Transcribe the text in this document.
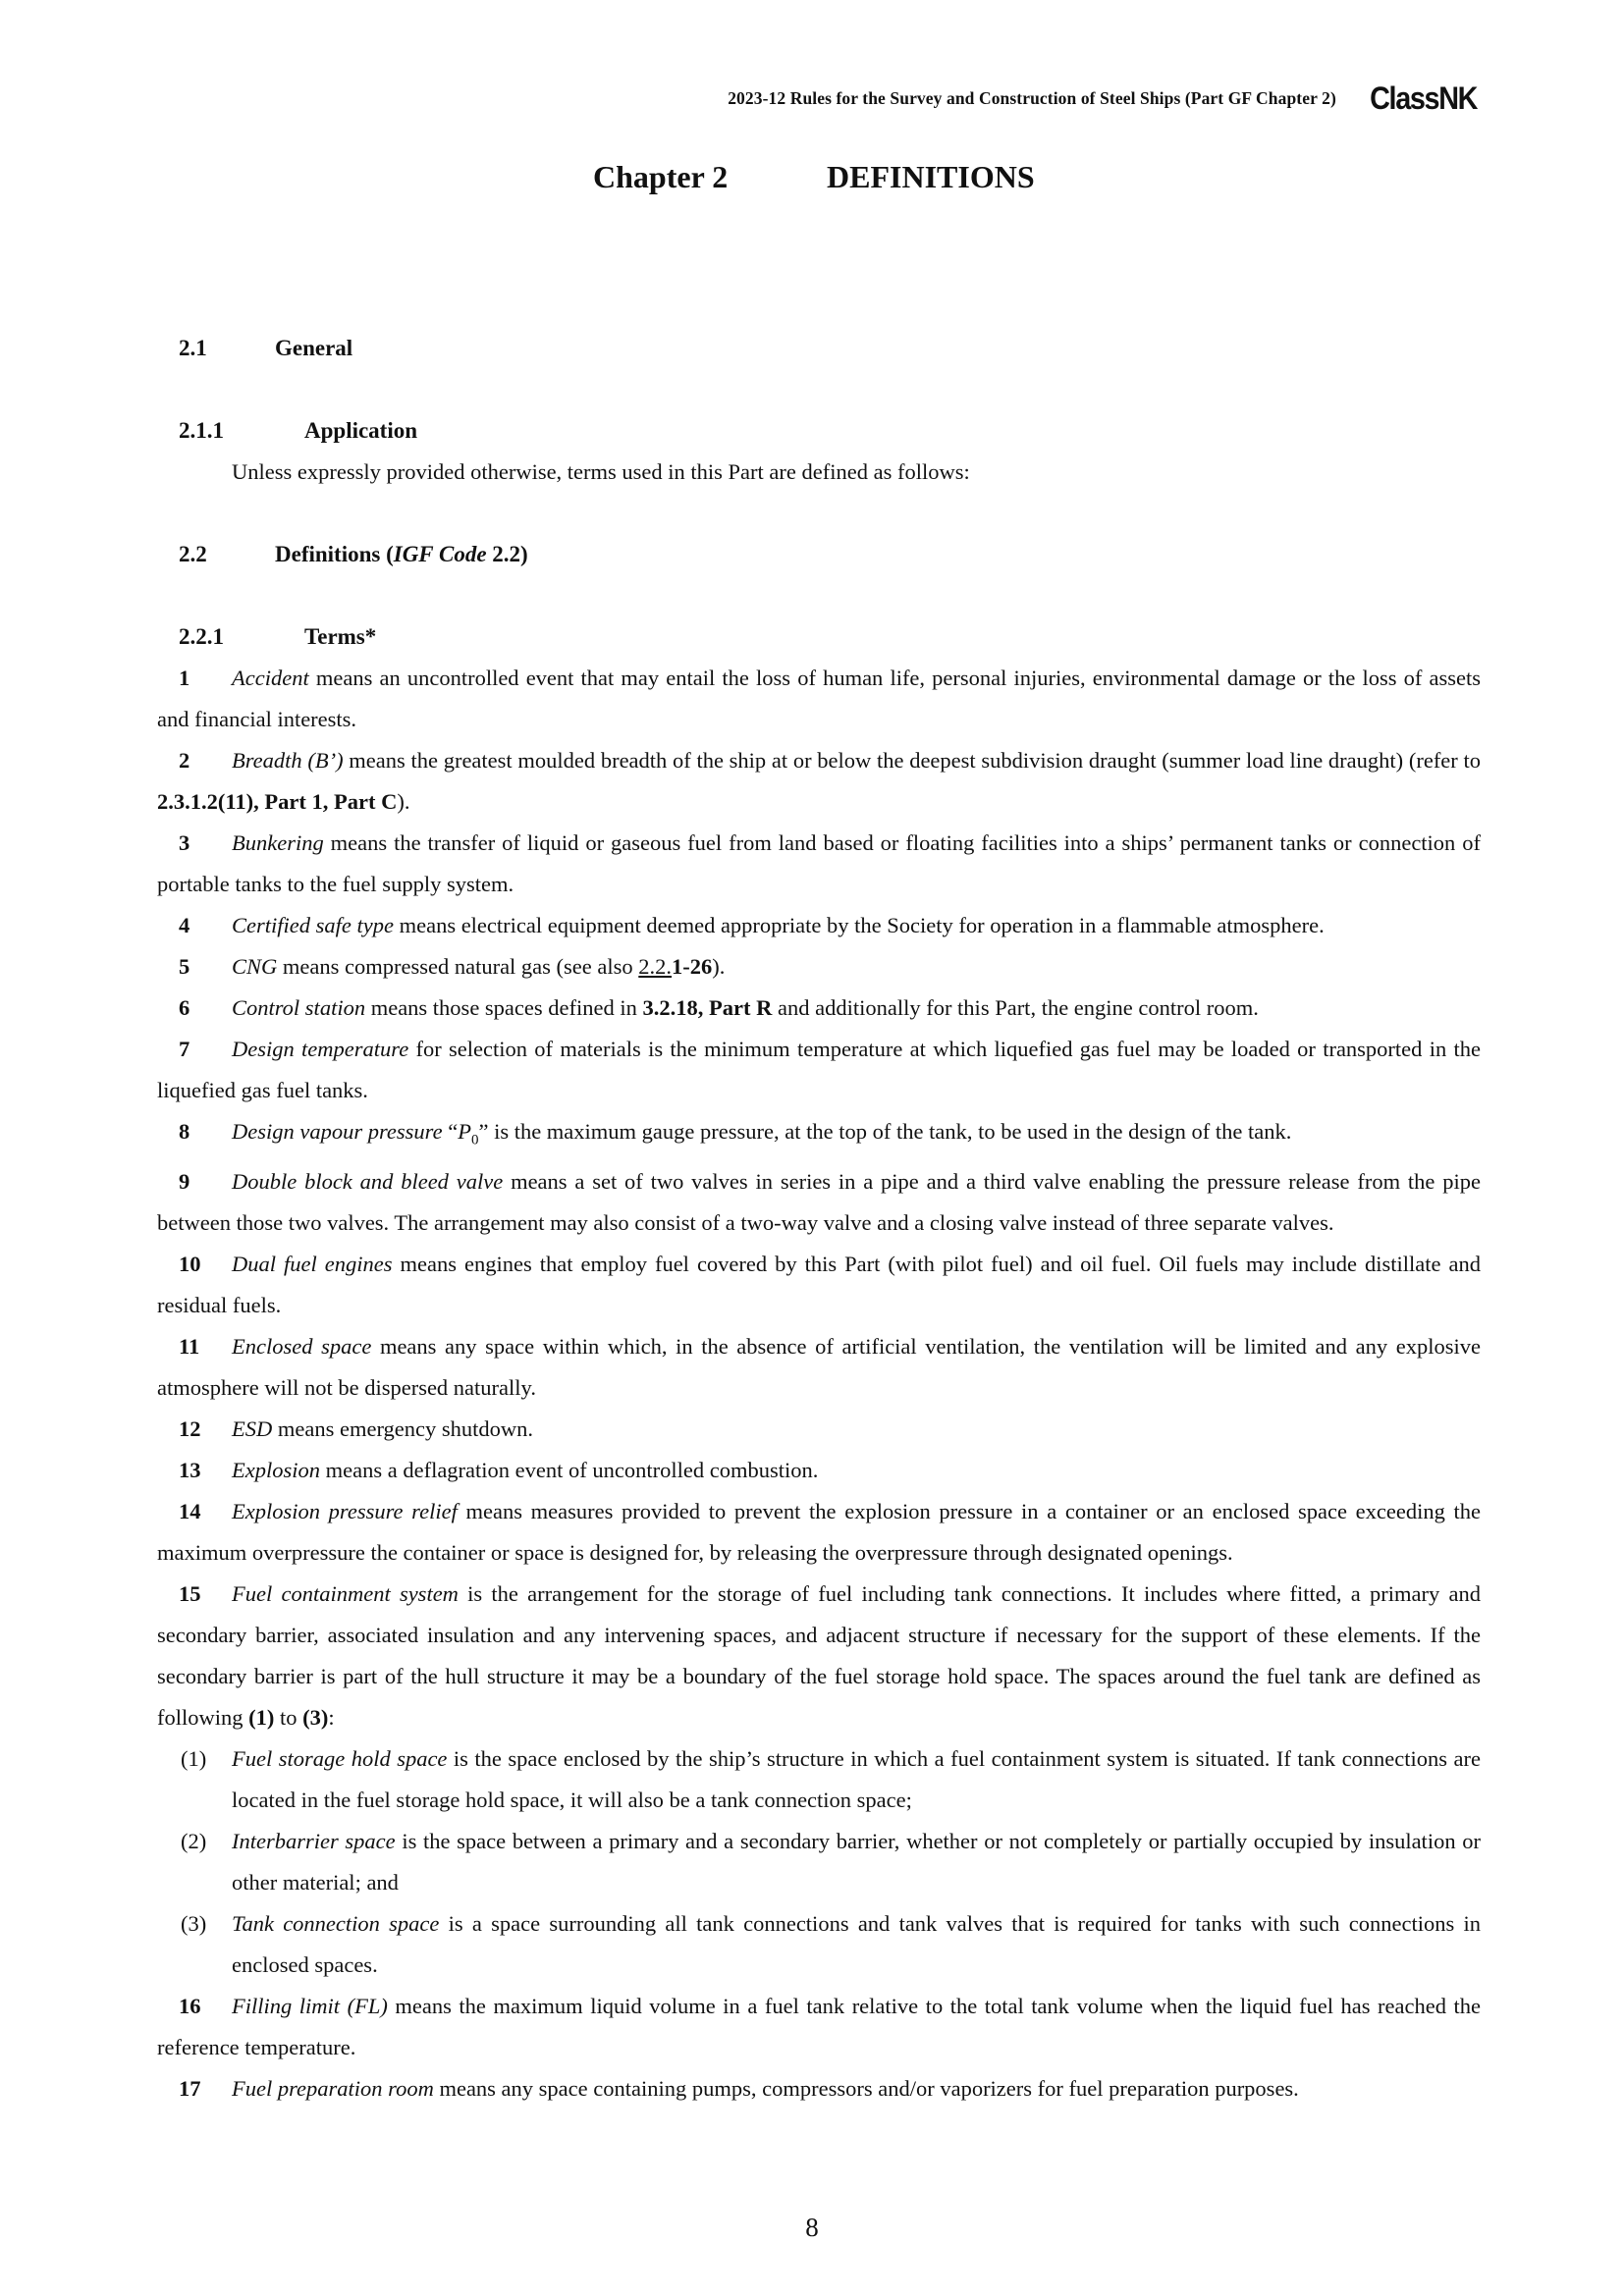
2023-12 Rules for the Survey and Construction of Steel Ships (Part GF Chapter 2) ClassNK
Chapter 2	DEFINITIONS
2.1	General
2.1.1	Application
Unless expressly provided otherwise, terms used in this Part are defined as follows:
2.2	Definitions (IGF Code 2.2)
2.2.1	Terms*
1 Accident means an uncontrolled event that may entail the loss of human life, personal injuries, environmental damage or the loss of assets and financial interests.
2 Breadth (B’) means the greatest moulded breadth of the ship at or below the deepest subdivision draught (summer load line draught) (refer to 2.3.1.2(11), Part 1, Part C).
3 Bunkering means the transfer of liquid or gaseous fuel from land based or floating facilities into a ships’ permanent tanks or connection of portable tanks to the fuel supply system.
4 Certified safe type means electrical equipment deemed appropriate by the Society for operation in a flammable atmosphere.
5 CNG means compressed natural gas (see also 2.2.1-26).
6 Control station means those spaces defined in 3.2.18, Part R and additionally for this Part, the engine control room.
7 Design temperature for selection of materials is the minimum temperature at which liquefied gas fuel may be loaded or transported in the liquefied gas fuel tanks.
8 Design vapour pressure “$P_0$” is the maximum gauge pressure, at the top of the tank, to be used in the design of the tank.
9 Double block and bleed valve means a set of two valves in series in a pipe and a third valve enabling the pressure release from the pipe between those two valves. The arrangement may also consist of a two-way valve and a closing valve instead of three separate valves.
10 Dual fuel engines means engines that employ fuel covered by this Part (with pilot fuel) and oil fuel. Oil fuels may include distillate and residual fuels.
11 Enclosed space means any space within which, in the absence of artificial ventilation, the ventilation will be limited and any explosive atmosphere will not be dispersed naturally.
12 ESD means emergency shutdown.
13 Explosion means a deflagration event of uncontrolled combustion.
14 Explosion pressure relief means measures provided to prevent the explosion pressure in a container or an enclosed space exceeding the maximum overpressure the container or space is designed for, by releasing the overpressure through designated openings.
15 Fuel containment system is the arrangement for the storage of fuel including tank connections. It includes where fitted, a primary and secondary barrier, associated insulation and any intervening spaces, and adjacent structure if necessary for the support of these elements. If the secondary barrier is part of the hull structure it may be a boundary of the fuel storage hold space. The spaces around the fuel tank are defined as following (1) to (3):
(1) Fuel storage hold space is the space enclosed by the ship’s structure in which a fuel containment system is situated. If tank connections are located in the fuel storage hold space, it will also be a tank connection space;
(2) Interbarrier space is the space between a primary and a secondary barrier, whether or not completely or partially occupied by insulation or other material; and
(3) Tank connection space is a space surrounding all tank connections and tank valves that is required for tanks with such connections in enclosed spaces.
16 Filling limit (FL) means the maximum liquid volume in a fuel tank relative to the total tank volume when the liquid fuel has reached the reference temperature.
17 Fuel preparation room means any space containing pumps, compressors and/or vaporizers for fuel preparation purposes.
8
